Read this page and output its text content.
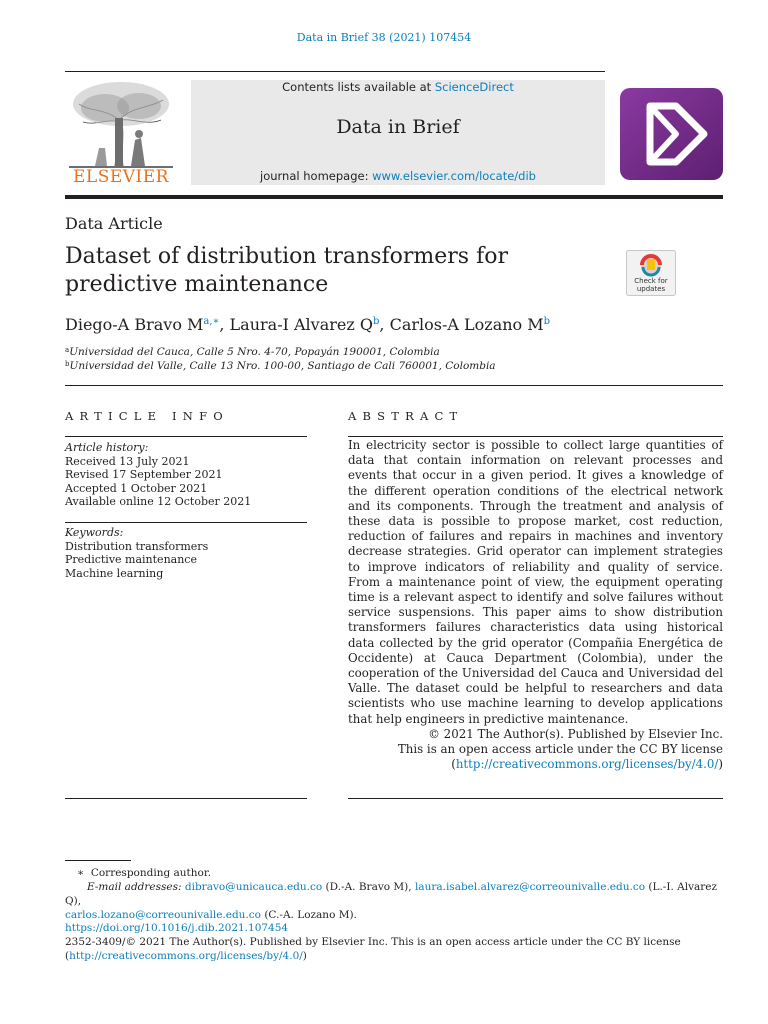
Data in Brief 38 (2021) 107454
ELSEVIER
Contents lists available at ScienceDirect
Data in Brief
journal homepage: www.elsevier.com/locate/dib
Data Article
Dataset of distribution transformers for
predictive maintenance	Check for
updates
Diego-A Bravo $M^{a,∗}$, Laura-I Alvarez $Q^b$, Carlos-A Lozano $M^b$
$^a$Universidad del Cauca, Calle 5 Nro. 4-70, Popayán 190001, Colombia
$^b$Universidad del Valle, Calle 13 Nro. 100-00, Santiago de Cali 760001, Colombia
ARTICLE INFO
Article history:
Received 13 July 2021
Revised 17 September 2021
Accepted 1 October 2021
Available online 12 October 2021
Keywords:
Distribution transformers
Predictive maintenance
Machine learning
ABSTRACT

In electricity sector is possible to collect large quantities of data that contain information on relevant processes and events that occur in a given period. It gives a knowledge of the different operation conditions of the electrical network and its components. Through the treatment and analysis of these data is possible to propose market, cost reduction, reduction of failures and repairs in machines and inventory decrease strategies. Grid operator can implement strategies to improve indicators of reliability and quality of service. From a maintenance point of view, the equipment operating time is a relevant aspect to identify and solve failures without service suspensions. This paper aims to show distribution transformers failures characteristics data using historical data collected by the grid operator (Compañia Energética de Occidente) at Cauca Department (Colombia), under the cooperation of the Universidad del Cauca and Universidad del Valle. The dataset could be helpful to researchers and data scientists who use machine learning to develop applications that help engineers in predictive maintenance.

© 2021 The Author(s). Published by Elsevier Inc.
This is an open access article under the CC BY license
(http://creativecommons.org/licenses/by/4.0/)
∗ Corresponding author.
E-mail addresses: dibravo@unicauca.edu.co (D.-A. Bravo M), laura.isabel.alvarez@correounivalle.edu.co (L.-I. Alvarez Q),
carlos.lozano@correounivalle.edu.co (C.-A. Lozano M).
https://doi.org/10.1016/j.dib.2021.107454
2352-3409/© 2021 The Author(s). Published by Elsevier Inc. This is an open access article under the CC BY license
(http://creativecommons.org/licenses/by/4.0/)
